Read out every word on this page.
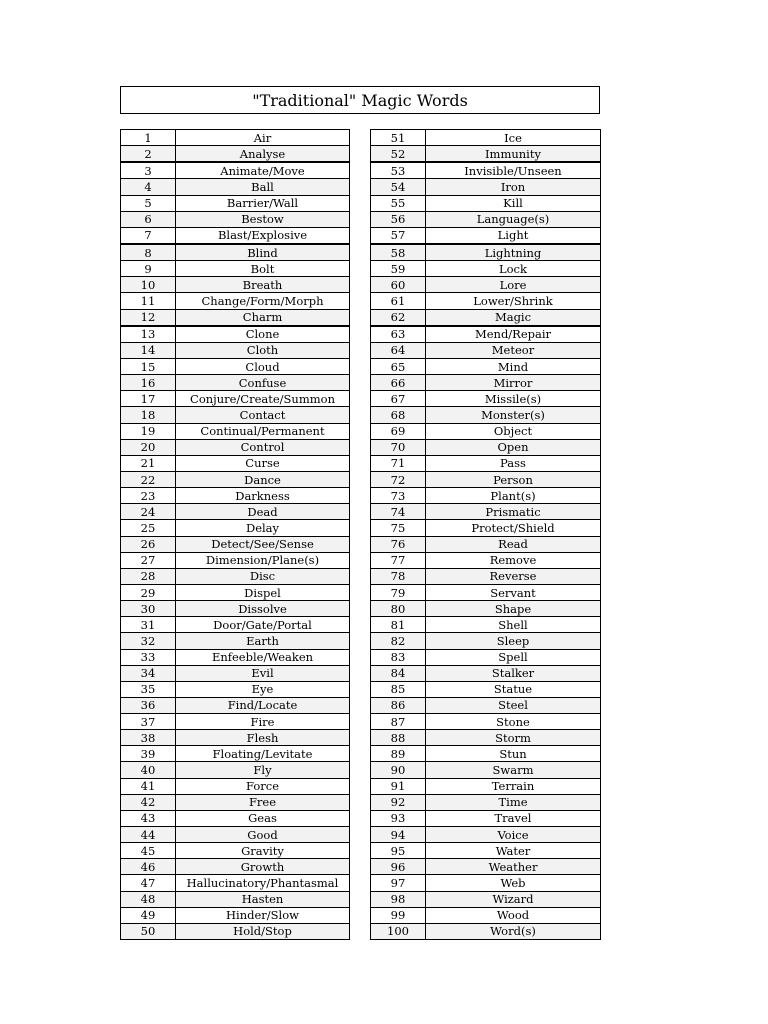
"Traditional" Magic Words
1	Air
2	Analyse
3	Animate/Move
4	Ball
5	Barrier/Wall
6	Bestow
7	Blast/Explosive
8	Blind
9	Bolt
10	Breath
11	Change/Form/Morph
12	Charm
13	Clone
14	Cloth
15	Cloud
16	Confuse
17	Conjure/Create/Summon
18	Contact
19	Continual/Permanent
20	Control
21	Curse
22	Dance
23	Darkness
24	Dead
25	Delay
26	Detect/See/Sense
27	Dimension/Plane(s)
28	Disc
29	Dispel
30	Dissolve
31	Door/Gate/Portal
32	Earth
33	Enfeeble/Weaken
34	Evil
35	Eye
36	Find/Locate
37	Fire
38	Flesh
39	Floating/Levitate
40	Fly
41	Force
42	Free
43	Geas
44	Good
45	Gravity
46	Growth
47	Hallucinatory/Phantasmal
48	Hasten
49	Hinder/Slow
50	Hold/Stop
51	Ice
52	Immunity
53	Invisible/Unseen
54	Iron
55	Kill
56	Language(s)
57	Light
58	Lightning
59	Lock
60	Lore
61	Lower/Shrink
62	Magic
63	Mend/Repair
64	Meteor
65	Mind
66	Mirror
67	Missile(s)
68	Monster(s)
69	Object
70	Open
71	Pass
72	Person
73	Plant(s)
74	Prismatic
75	Protect/Shield
76	Read
77	Remove
78	Reverse
79	Servant
80	Shape
81	Shell
82	Sleep
83	Spell
84	Stalker
85	Statue
86	Steel
87	Stone
88	Storm
89	Stun
90	Swarm
91	Terrain
92	Time
93	Travel
94	Voice
95	Water
96	Weather
97	Web
98	Wizard
99	Wood
100	Word(s)
